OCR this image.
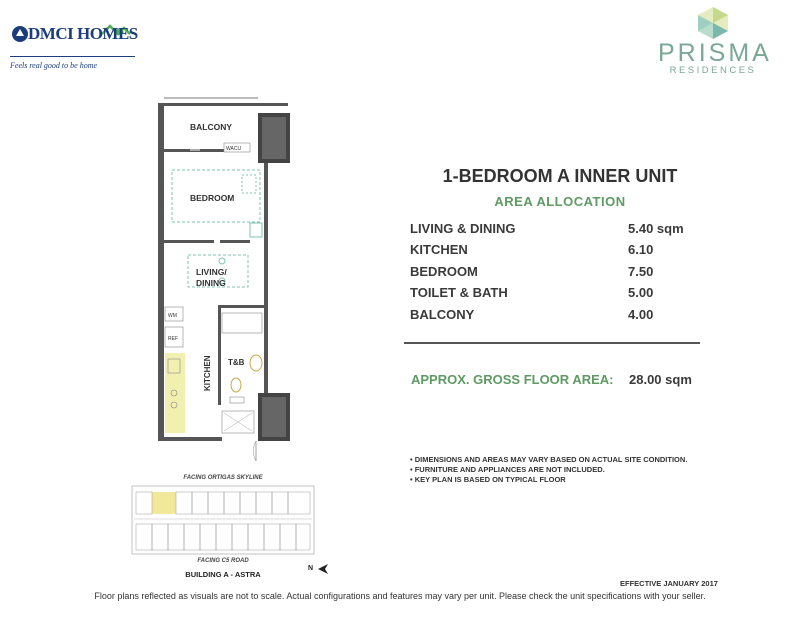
DMCI HOMES
Feels real good to be home	PRISMA
RESIDENCES
BALCONY
WACU
BEDROOM
LIVING/
DINING
WM
REF
T&B
KITCHEN
1-BEDROOM A INNER UNIT
AREA ALLOCATION
LIVING & DINING	5.40 sqm
KITCHEN	6.10
BEDROOM	7.50
TOILET & BATH	5.00
BALCONY	4.00
APPROX. GROSS FLOOR AREA: 28.00 sqm
• DIMENSIONS AND AREAS MAY VARY BASED ON ACTUAL SITE CONDITION.
• FURNITURE AND APPLIANCES ARE NOT INCLUDED.
• KEY PLAN IS BASED ON TYPICAL FLOOR
FACING ORTIGAS SKYLINE
FACING C5 ROAD
BUILDING A - ASTRA
N
EFFECTIVE JANUARY 2017
Floor plans reflected as visuals are not to scale. Actual configurations and features may vary per unit. Please check the unit specifications with your seller.
